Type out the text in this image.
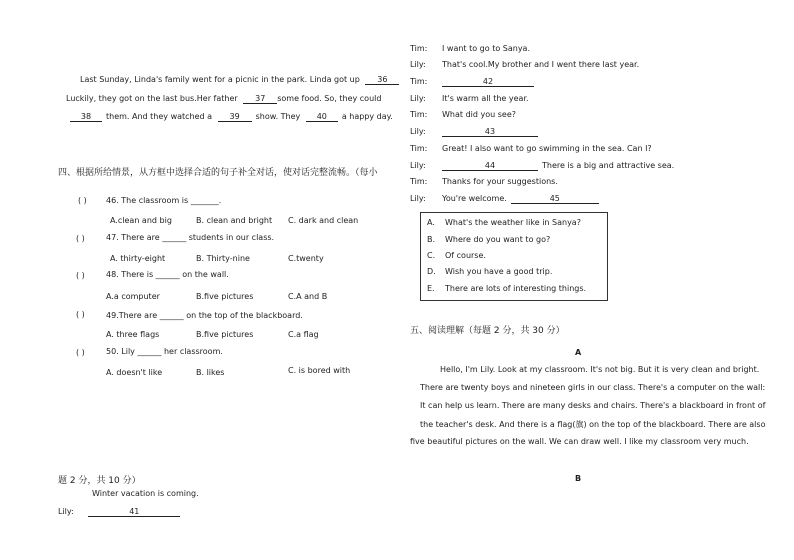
Last Sunday, Linda's family went for a picnic in the park. Linda got up 36
Luckily, they got on the last bus.Her father 37 some food. So, they could
38 them. And they watched a 39 show. They 40 a happy day.
四、根据所给情景，从方框中选择合适的句子补全对话，使对话完整流畅。（每小
( ) 46. The classroom is _______.
A.clean and big	B. clean and bright C. dark and clean
( )	47. There are ______ students in our class.
A. thirty-eight	B. Thirty-nine	C.twenty
( )	48. There is ______ on the wall.
A.a computer	B.five pictures	C.A and B
( )	49.There are ______ on the top of the blackboard.
A. three flags	B.five pictures	C.a flag
( )	50. Lily ______ her classroom.
A. doesn't like	B. likes	C. is bored with
题 2 分，共 10 分）
Winter vacation is coming.
Lily:	41
Tim: I want to go to Sanya.
Lily: That's cool.My brother and I went there last year.
Tim:	42
Lily: It's warm all the year.
Tim: What did you see?
Lily:	43
Tim: Great! I also want to go swimming in the sea. Can I?
Lily:	44	There is a big and attractive sea.
Tim: Thanks for your suggestions.
Lily: You're welcome.	45
A. What's the weather like in Sanya?
B. Where do you want to go?
C. Of course.
D. Wish you have a good trip.
E. There are lots of interesting things.
五、阅读理解（每题 2 分，共 30 分）
A
Hello, I'm Lily. Look at my classroom. It's not big. But it is very clean and bright.
There are twenty boys and nineteen girls in our class. There's a computer on the wall:
It can help us learn. There are many desks and chairs. There's a blackboard in front of
the teacher's desk. And there is a flag(旗) on the top of the blackboard. There are also
five beautiful pictures on the wall. We can draw well. I like my classroom very much.
B
